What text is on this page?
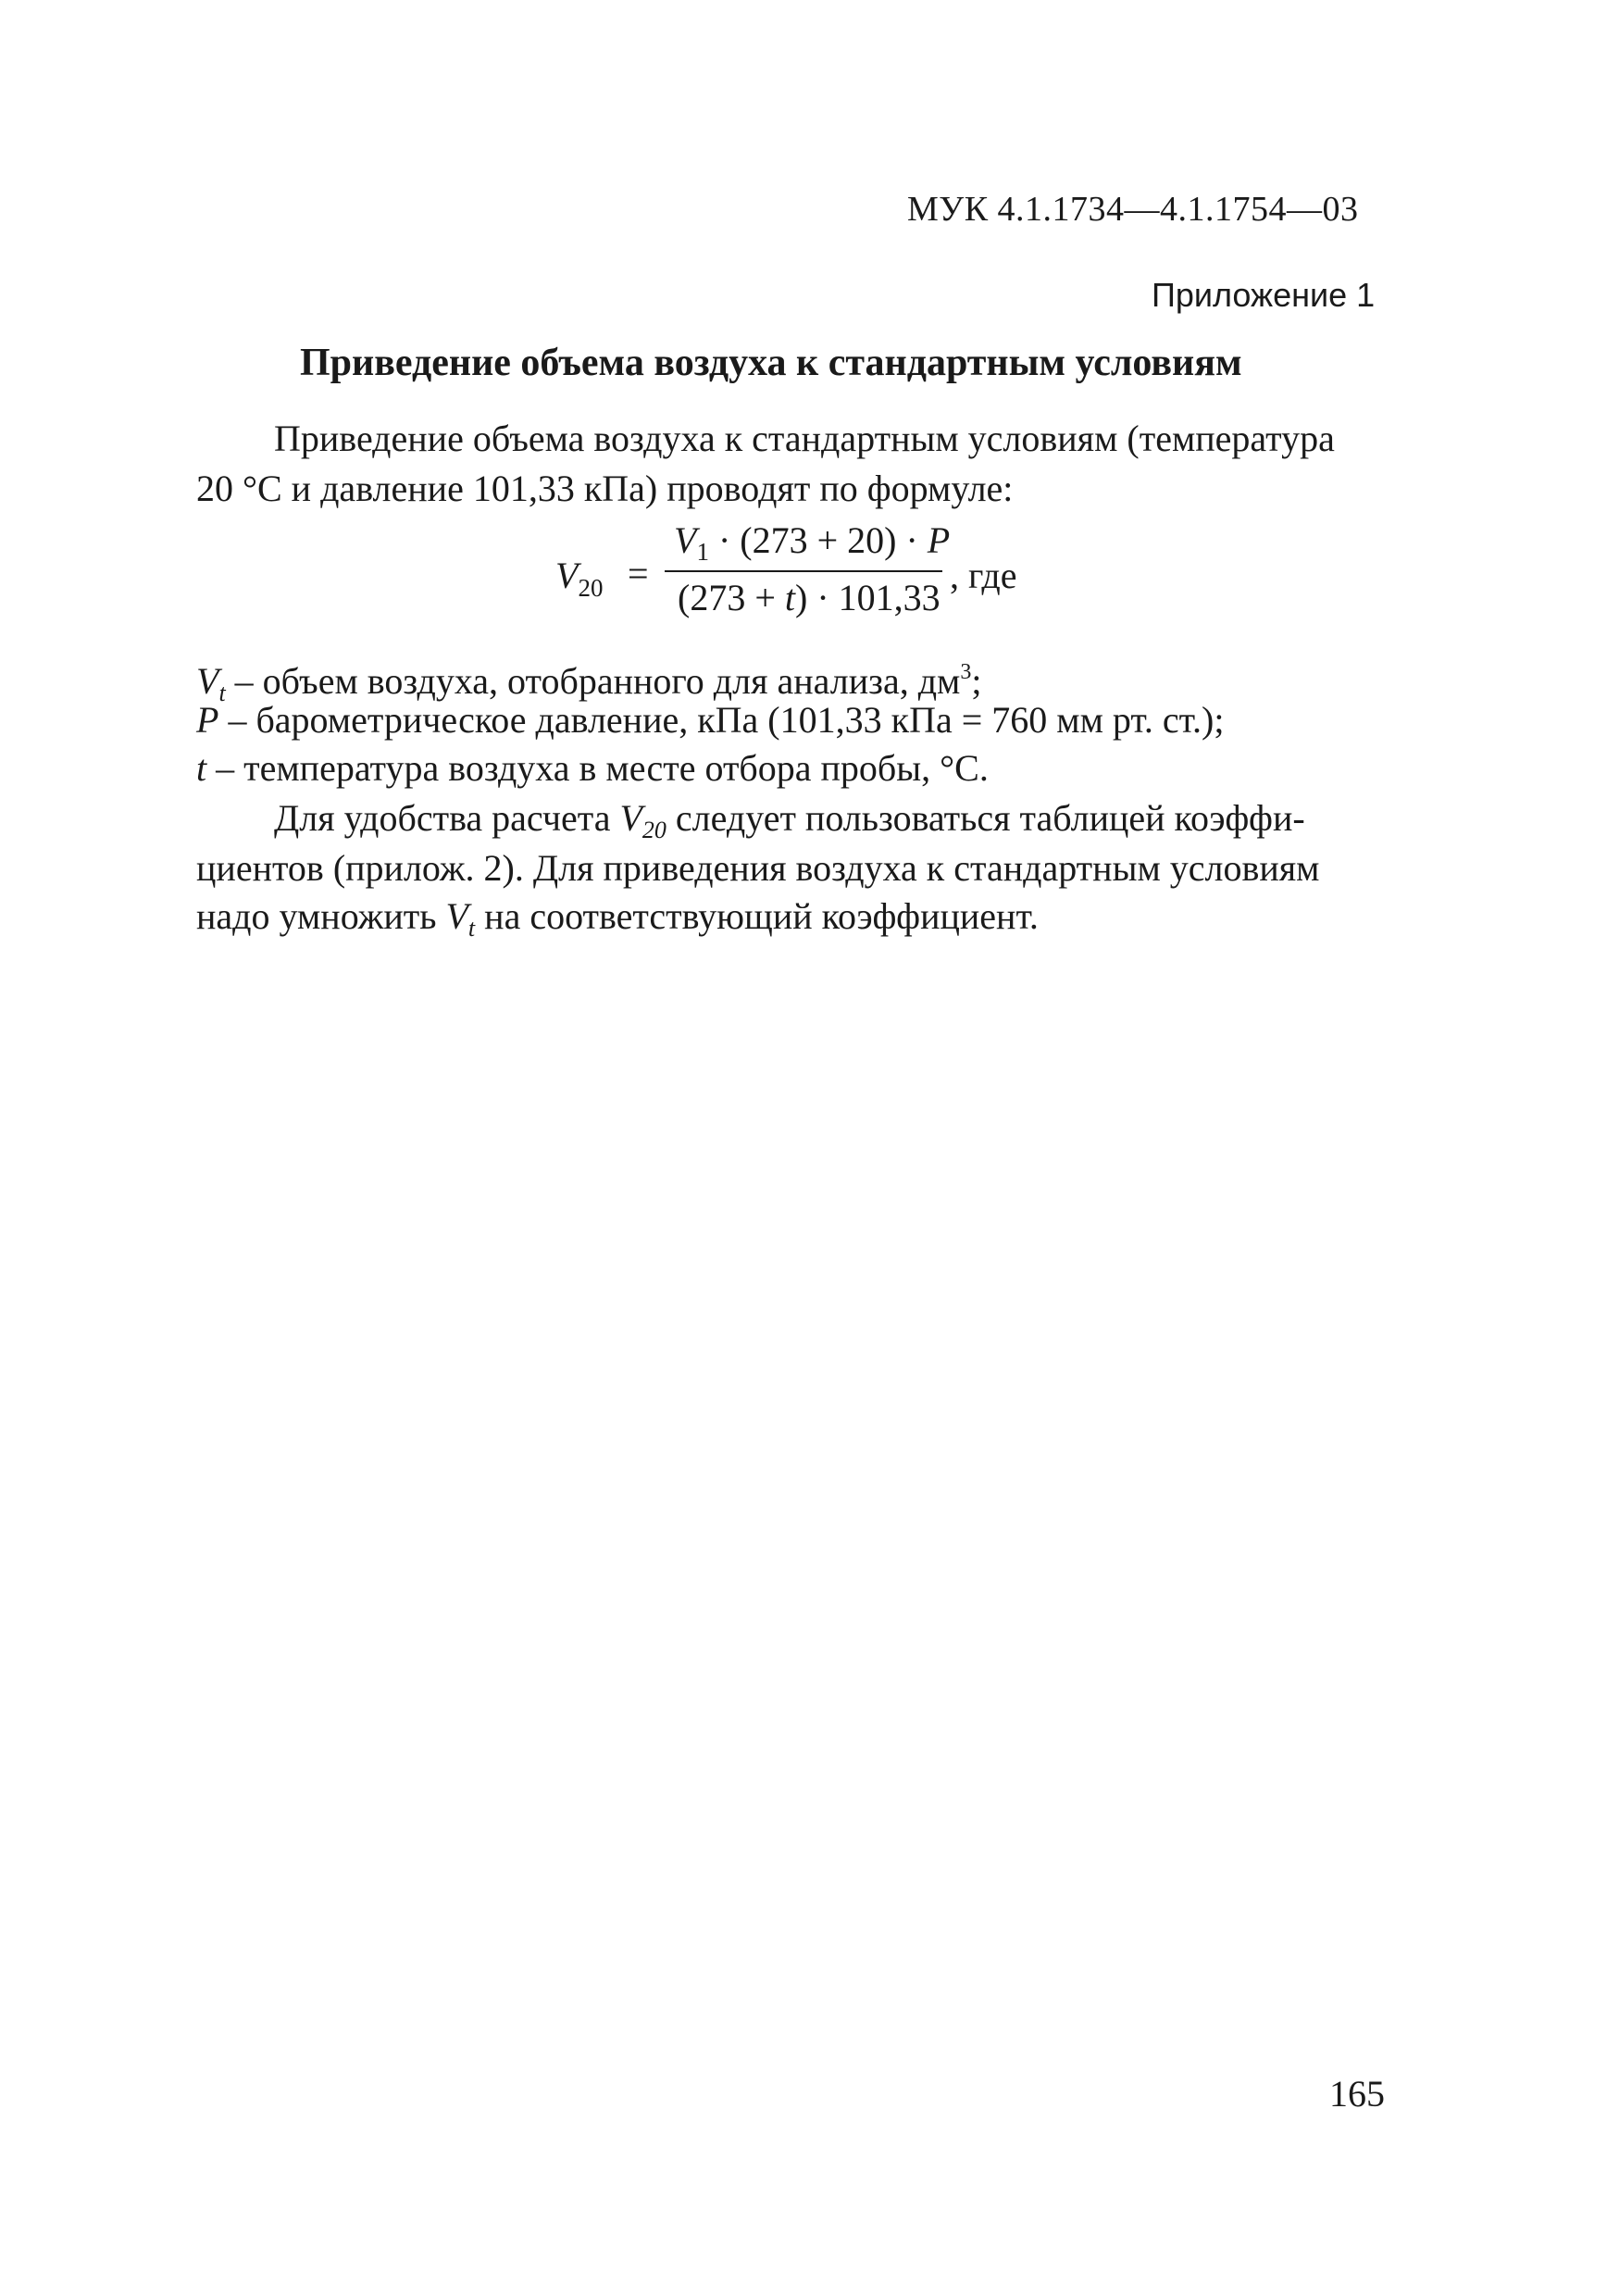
МУК 4.1.1734—4.1.1754—03
Приложение 1
Приведение объема воздуха к стандартным условиям
Приведение объема воздуха к стандартным условиям (температура
20 °С и давление 101,33 кПа) проводят по формуле:
$V_{20}$ =
$V_1 \cdot (273 + 20) \cdot P$
(273 + t) · 101,33
, где
$V_t$ – объем воздуха, отобранного для анализа, $дм^3$;
P – барометрическое давление, кПа (101,33 кПа = 760 мм рт. ст.);
t – температура воздуха в месте отбора пробы, °С.
Для удобства расчета $V_{20}$ следует пользоваться таблицей коэффи-
циентов (прилож. 2). Для приведения воздуха к стандартным условиям
надо умножить $V_t$ на соответствующий коэффициент.
165
